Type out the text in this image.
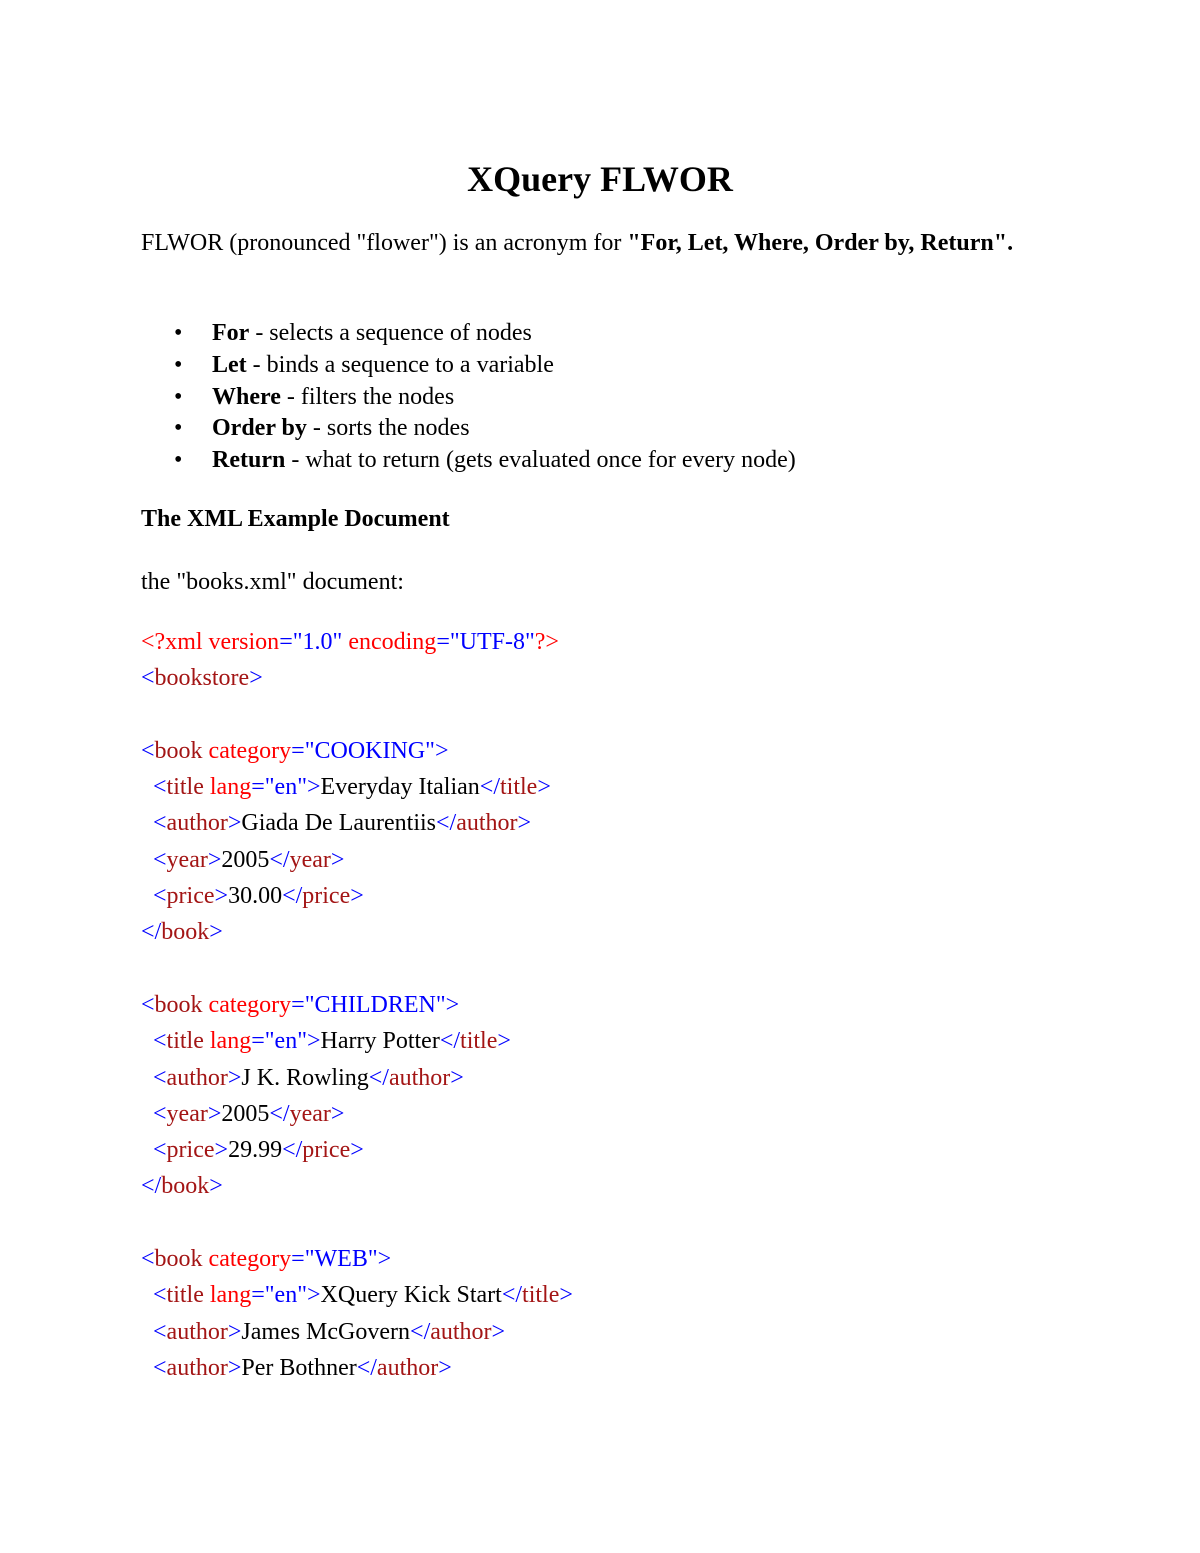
XQuery FLWOR
FLWOR (pronounced "flower") is an acronym for "For, Let, Where, Order by, Return".
• For - selects a sequence of nodes
• Let - binds a sequence to a variable
• Where - filters the nodes
• Order by - sorts the nodes
• Return - what to return (gets evaluated once for every node)
The XML Example Document
the "books.xml" document:
<?xml version="1.0" encoding="UTF-8"?>
<bookstore>
<book category="COOKING">
<title lang="en">Everyday Italian</title>
<author>Giada De Laurentiis</author>
<year>2005</year>
<price>30.00</price>
</book>
<book category="CHILDREN">
<title lang="en">Harry Potter</title>
<author>J K. Rowling</author>
<year>2005</year>
<price>29.99</price>
</book>
<book category="WEB">
<title lang="en">XQuery Kick Start</title>
<author>James McGovern</author>
<author>Per Bothner</author>
